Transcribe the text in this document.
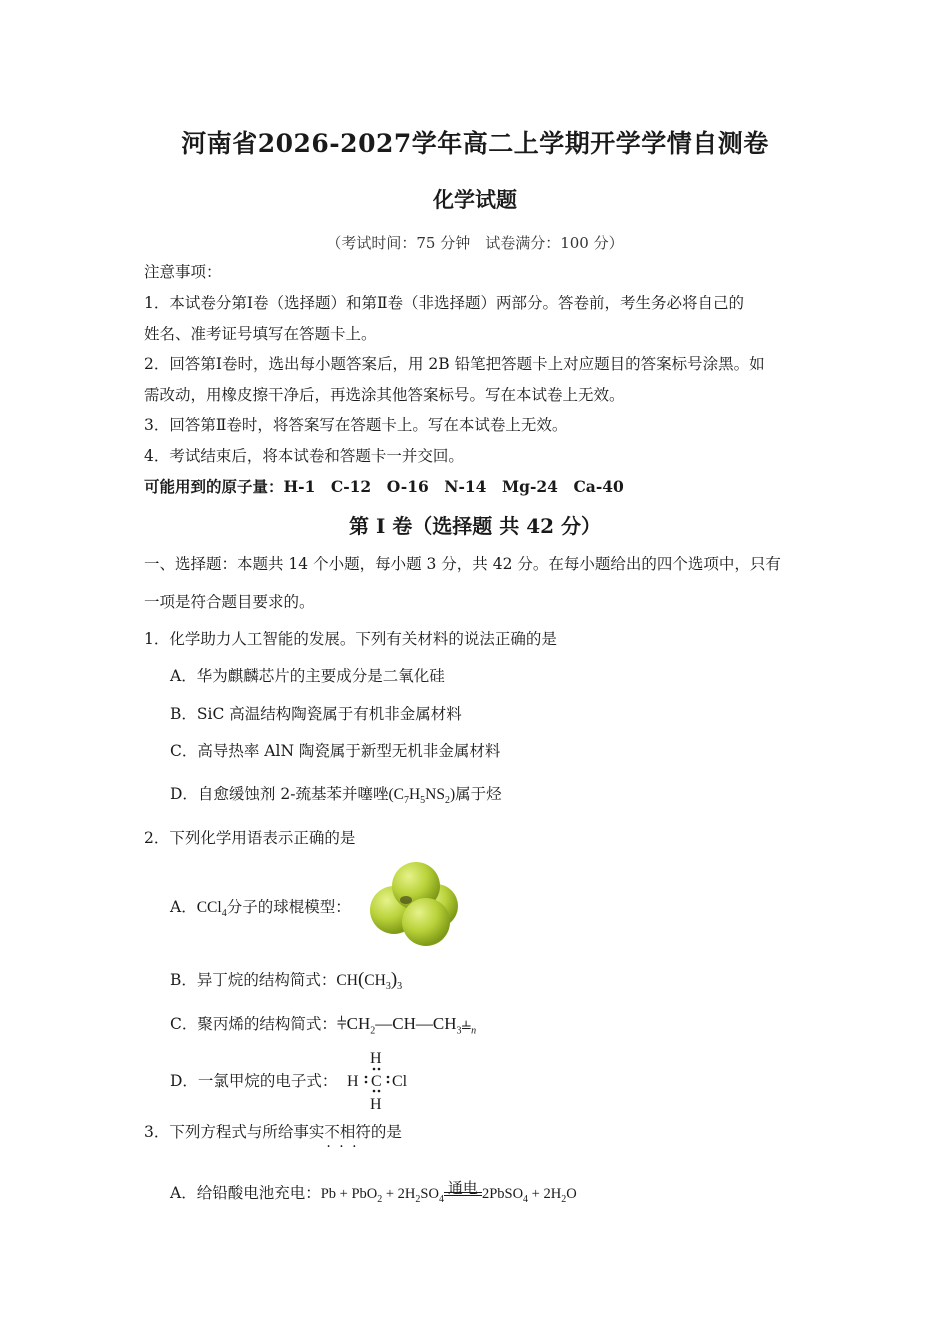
河南省2026-2027学年高二上学期开学学情自测卷
化学试题
（考试时间：75 分钟　试卷满分：100 分）
注意事项：
1．本试卷分第Ⅰ卷（选择题）和第Ⅱ卷（非选择题）两部分。答卷前，考生务必将自己的
姓名、准考证号填写在答题卡上。
2．回答第Ⅰ卷时，选出每小题答案后，用 2B 铅笔把答题卡上对应题目的答案标号涂黑。如
需改动，用橡皮擦干净后，再选涂其他答案标号。写在本试卷上无效。
3．回答第Ⅱ卷时，将答案写在答题卡上。写在本试卷上无效。
4．考试结束后，将本试卷和答题卡一并交回。
可能用到的原子量：H-1　C-12　O-16　N-14　Mg-24　Ca-40
第 I 卷（选择题 共 42 分）
一、选择题：本题共 14 个小题，每小题 3 分，共 42 分。在每小题给出的四个选项中，只有
一项是符合题目要求的。
1．化学助力人工智能的发展。下列有关材料的说法正确的是
A．华为麒麟芯片的主要成分是二氧化硅
B．SiC 高温结构陶瓷属于有机非金属材料
C．高导热率 AlN 陶瓷属于新型无机非金属材料
D．自愈缓蚀剂 2-巯基苯并噻唑$(C_7H_5NS_2)$属于烃
2．下列化学用语表示正确的是
A．CCl$_4$分子的球棍模型：
B．异丁烷的结构简式：$CH(CH_3)_3$
C．聚丙烯的结构简式：$⫩CH_2—CH—CH_3⫨_n$
D．一氯甲烷的电子式：
H
H C Cl
H
3．下列方程式与所给事实不相符 · · ·的是
A．给铅酸电池充电：$Pb + PbO_2 + 2H_2SO_4$
通电 2PbSO$_4$ + $2H_2O$
